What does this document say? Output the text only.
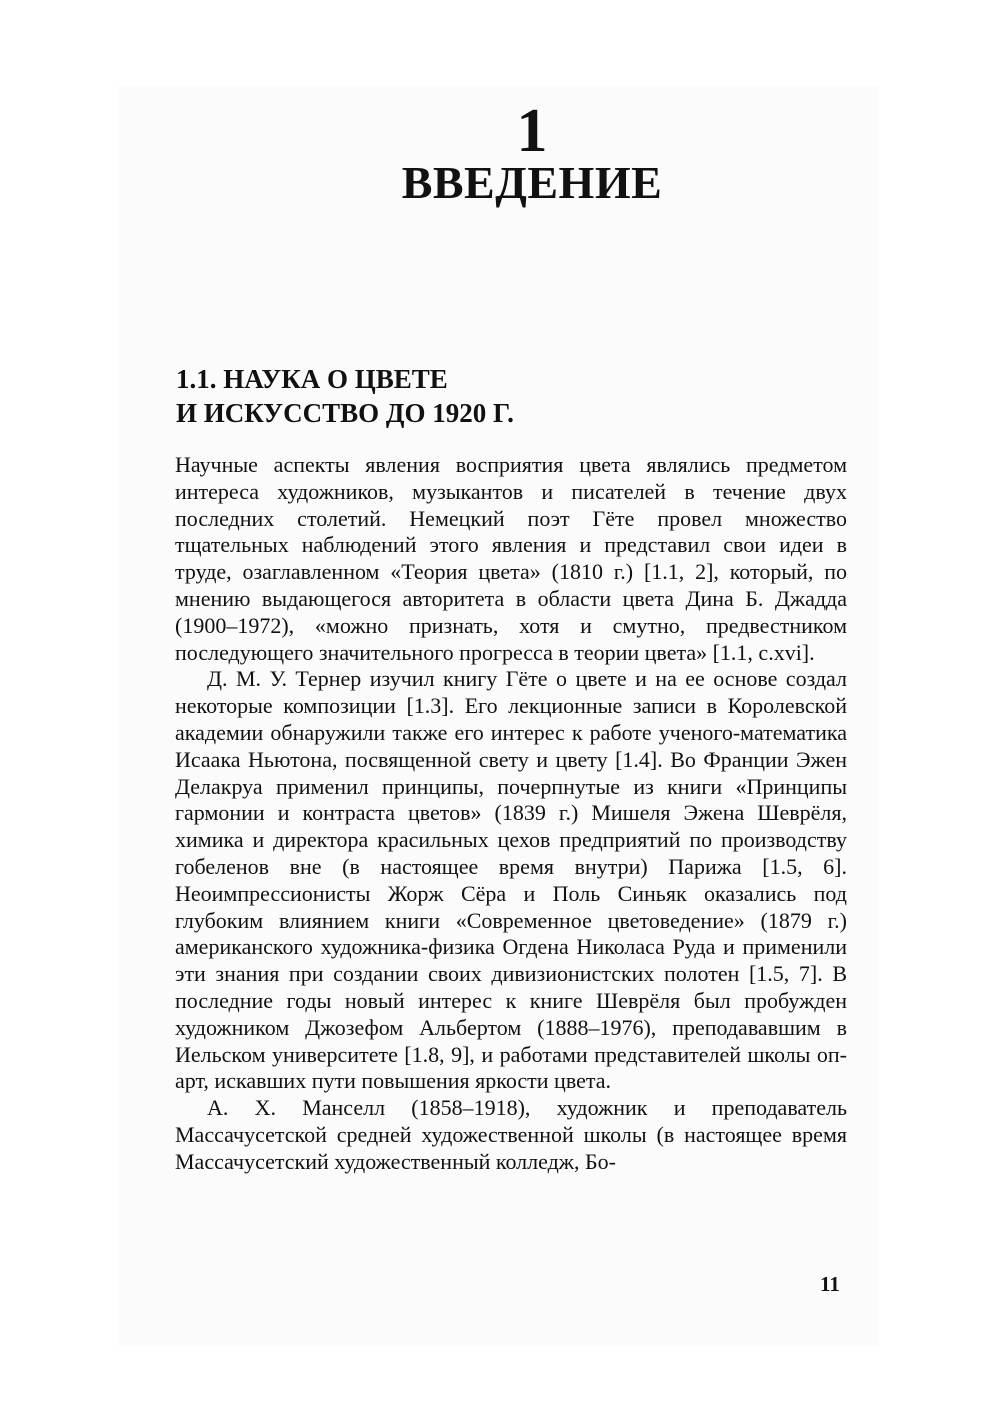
1
ВВЕДЕНИЕ
1.1. НАУКА О ЦВЕТЕ
И ИСКУССТВО ДО 1920 Г.

Научные аспекты явления восприятия цвета являлись предметом интереса художников, музыкантов и писателей в течение двух последних столетий. Немецкий поэт Гёте провел множество тщательных наблюдений этого явления и представил свои идеи в труде, озаглавленном «Теория цвета» (1810 г.) [1.1, 2], который, по мнению выдающегося авторитета в области цвета Дина Б. Джадда (1900–1972), «можно признать, хотя и смутно, предвестником последующего значительного прогресса в теории цвета» [1.1, c.xvi].

Д. М. У. Тернер изучил книгу Гёте о цвете и на ее основе создал некоторые композиции [1.3]. Его лекционные записи в Королевской академии обнаружили также его интерес к работе ученого-математика Исаака Ньютона, посвященной свету и цвету [1.4]. Во Франции Эжен Делакруа применил принципы, почерпнутые из книги «Принципы гармонии и контраста цветов» (1839 г.) Мишеля Эжена Шеврёля, химика и директора красильных цехов предприятий по производству гобеленов вне (в настоящее время внутри) Парижа [1.5, 6]. Неоимпрессионисты Жорж Сёра и Поль Синьяк оказались под глубоким влиянием книги «Современное цветоведение» (1879 г.) американского художника-физика Огдена Николаса Руда и применили эти знания при создании своих дивизионистских полотен [1.5, 7]. В последние годы новый интерес к книге Шеврёля был пробужден художником Джозефом Альбертом (1888–1976), преподававшим в Иельском университете [1.8, 9], и работами представителей школы оп-арт, искавших пути повышения яркости цвета.

А. Х. Манселл (1858–1918), художник и преподаватель Массачусетской средней художественной школы (в настоящее время Массачусетский художественный колледж, Бо-

11
